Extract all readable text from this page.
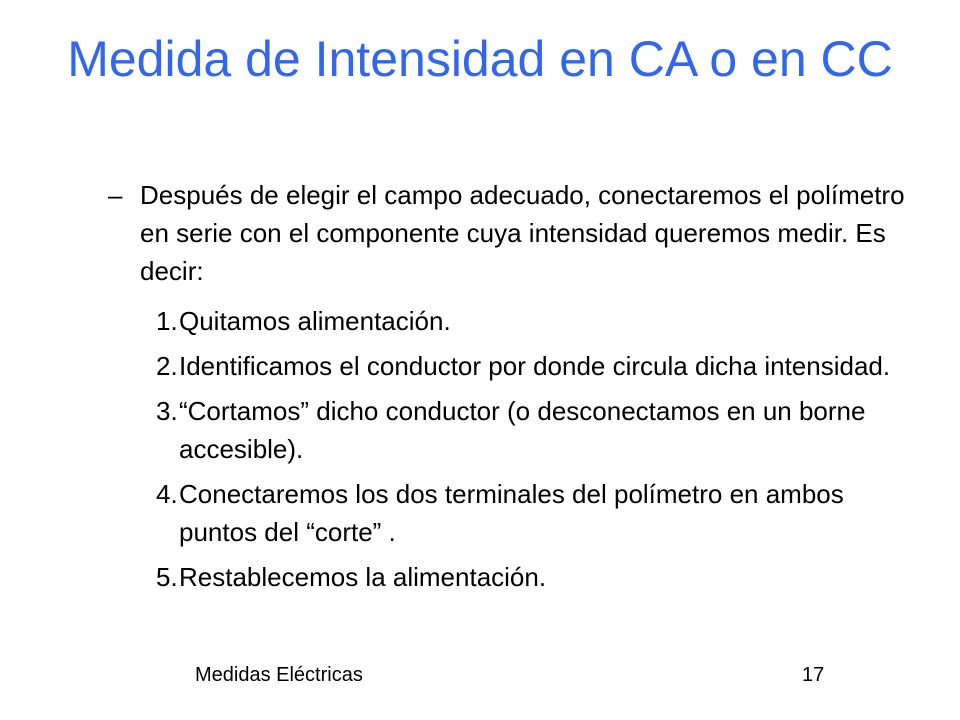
Medida de Intensidad en CA o en CC
– Después de elegir el campo adecuado, conectaremos el polímetro en serie con el componente cuya intensidad queremos medir. Es decir:
1. Quitamos alimentación.
2. Identificamos el conductor por donde circula dicha intensidad.
3. “Cortamos” dicho conductor (o desconectamos en un borne accesible).
4. Conectaremos los dos terminales del polímetro en ambos puntos del “corte” .
5. Restablecemos la alimentación.
Medidas Eléctricas	17
